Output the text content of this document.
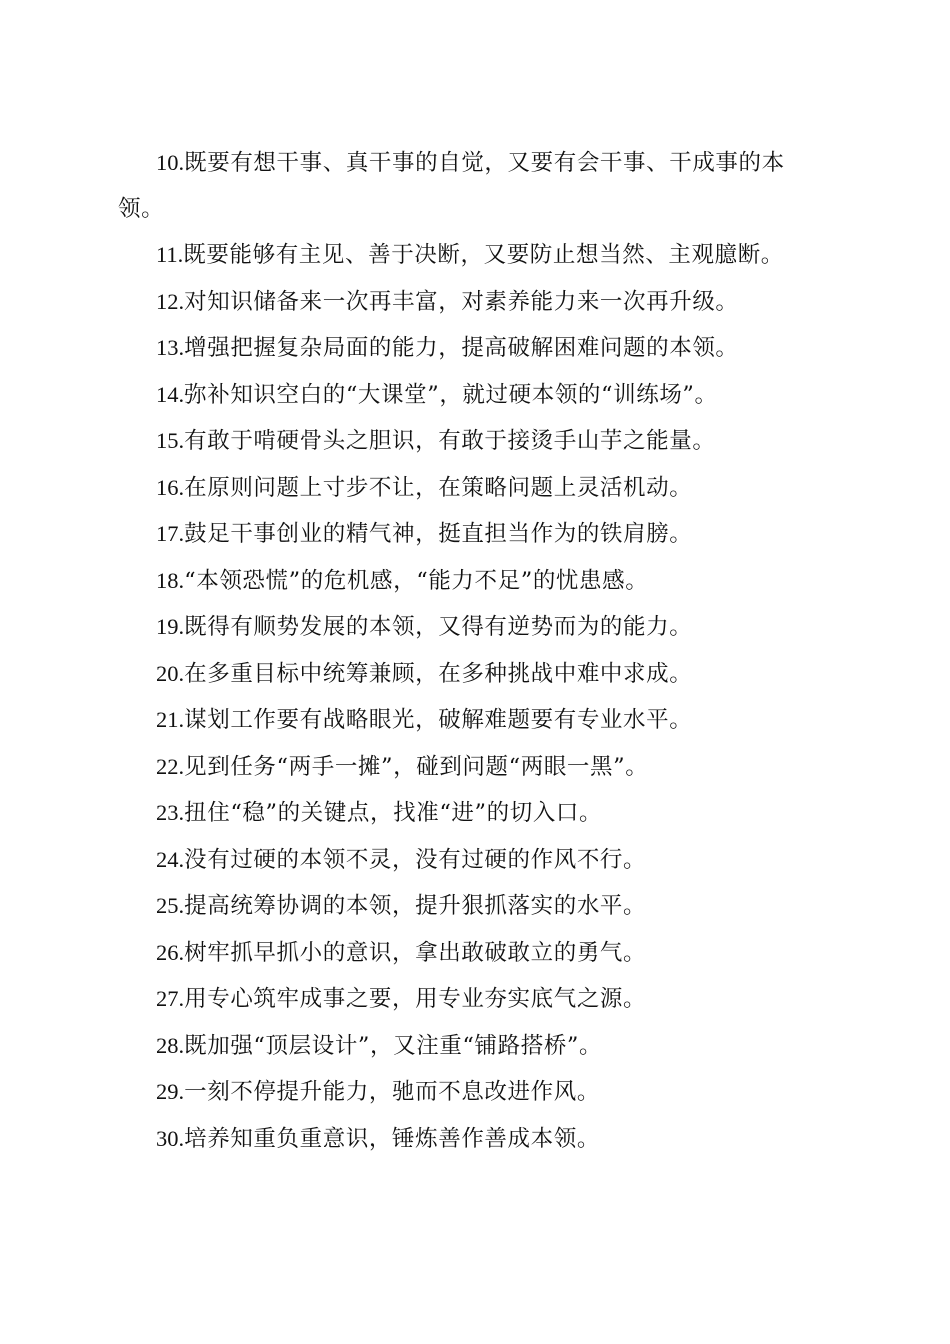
10.既要有想干事、真干事的自觉，又要有会干事、干成事的本领。

11.既要能够有主见、善于决断，又要防止想当然、主观臆断。

12.对知识储备来一次再丰富，对素养能力来一次再升级。

13.增强把握复杂局面的能力，提高破解困难问题的本领。

14.弥补知识空白的“大课堂”，就过硬本领的“训练场”。

15.有敢于啃硬骨头之胆识，有敢于接烫手山芋之能量。

16.在原则问题上寸步不让，在策略问题上灵活机动。

17.鼓足干事创业的精气神，挺直担当作为的铁肩膀。

18.“本领恐慌”的危机感，“能力不足”的忧患感。

19.既得有顺势发展的本领，又得有逆势而为的能力。

20.在多重目标中统筹兼顾，在多种挑战中难中求成。

21.谋划工作要有战略眼光，破解难题要有专业水平。

22.见到任务“两手一摊”，碰到问题“两眼一黑”。

23.扭住“稳”的关键点，找准“进”的切入口。

24.没有过硬的本领不灵，没有过硬的作风不行。

25.提高统筹协调的本领，提升狠抓落实的水平。

26.树牢抓早抓小的意识，拿出敢破敢立的勇气。

27.用专心筑牢成事之要，用专业夯实底气之源。

28.既加强“顶层设计”，又注重“铺路搭桥”。

29.一刻不停提升能力，驰而不息改进作风。

30.培养知重负重意识，锤炼善作善成本领。
